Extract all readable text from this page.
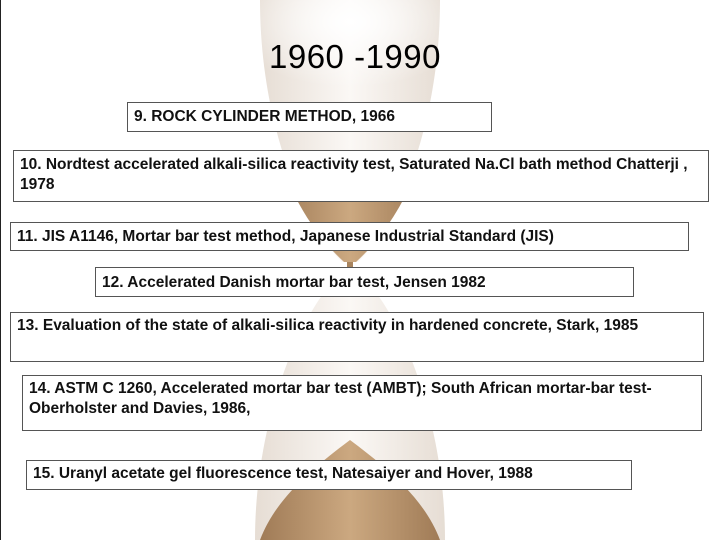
1960 -1990
9. ROCK CYLINDER METHOD, 1966
10. Nordtest accelerated alkali-silica reactivity test, Saturated Na.Cl bath method Chatterji , 1978
11. JIS A1146, Mortar bar test method, Japanese Industrial Standard (JIS)
12. Accelerated Danish mortar bar test, Jensen 1982
13. Evaluation of the state of alkali-silica reactivity in hardened concrete, Stark, 1985
14. ASTM C 1260, Accelerated mortar bar test (AMBT); South African mortar-bar test- Oberholster and Davies, 1986,
15. Uranyl acetate gel fluorescence test, Natesaiyer and Hover, 1988
